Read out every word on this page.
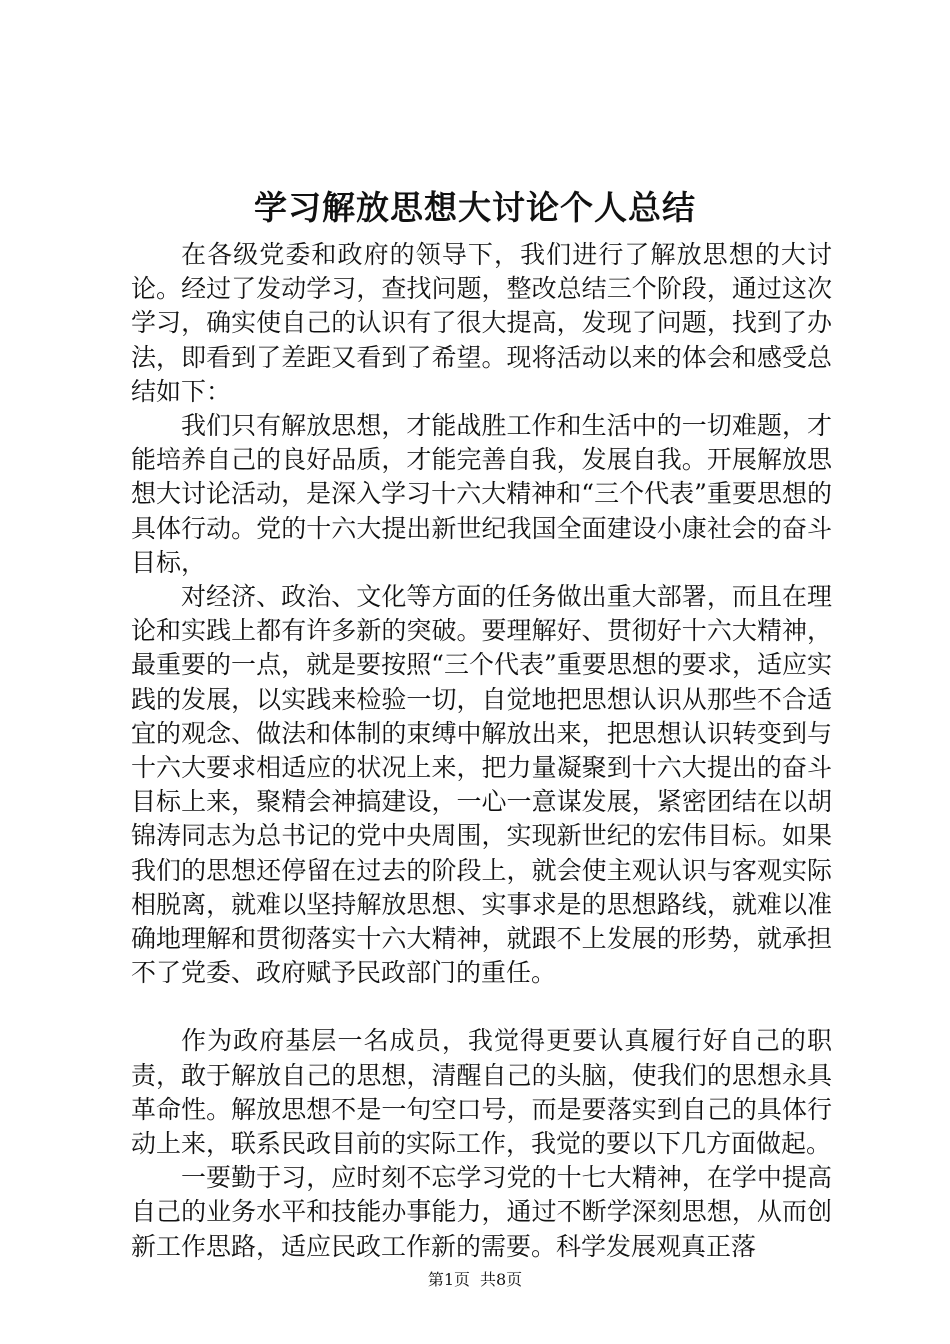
学习解放思想大讨论个人总结

在各级党委和政府的领导下，我们进行了解放思想的大讨论。经过了发动学习，查找问题，整改总结三个阶段，通过这次学习，确实使自己的认识有了很大提高，发现了问题，找到了办法，即看到了差距又看到了希望。现将活动以来的体会和感受总结如下：

我们只有解放思想，才能战胜工作和生活中的一切难题，才能培养自己的良好品质，才能完善自我，发展自我。开展解放思想大讨论活动，是深入学习十六大精神和“三个代表”重要思想的具体行动。党的十六大提出新世纪我国全面建设小康社会的奋斗目标，

对经济、政治、文化等方面的任务做出重大部署，而且在理论和实践上都有许多新的突破。要理解好、贯彻好十六大精神，最重要的一点，就是要按照“三个代表”重要思想的要求，适应实践的发展，以实践来检验一切，自觉地把思想认识从那些不合适宜的观念、做法和体制的束缚中解放出来，把思想认识转变到与十六大要求相适应的状况上来，把力量凝聚到十六大提出的奋斗目标上来，聚精会神搞建设，一心一意谋发展，紧密团结在以胡锦涛同志为总书记的党中央周围，实现新世纪的宏伟目标。如果我们的思想还停留在过去的阶段上，就会使主观认识与客观实际相脱离，就难以坚持解放思想、实事求是的思想路线，就难以准确地理解和贯彻落实十六大精神，就跟不上发展的形势，就承担不了党委、政府赋予民政部门的重任。

作为政府基层一名成员，我觉得更要认真履行好自己的职责，敢于解放自己的思想，清醒自己的头脑，使我们的思想永具革命性。解放思想不是一句空口号，而是要落实到自己的具体行动上来，联系民政目前的实际工作，我觉的要以下几方面做起。

一要勤于习，应时刻不忘学习党的十七大精神，在学中提高自己的业务水平和技能办事能力，通过不断学深刻思想，从而创新工作思路，适应民政工作新的需要。科学发展观真正落

第1页 共8页
